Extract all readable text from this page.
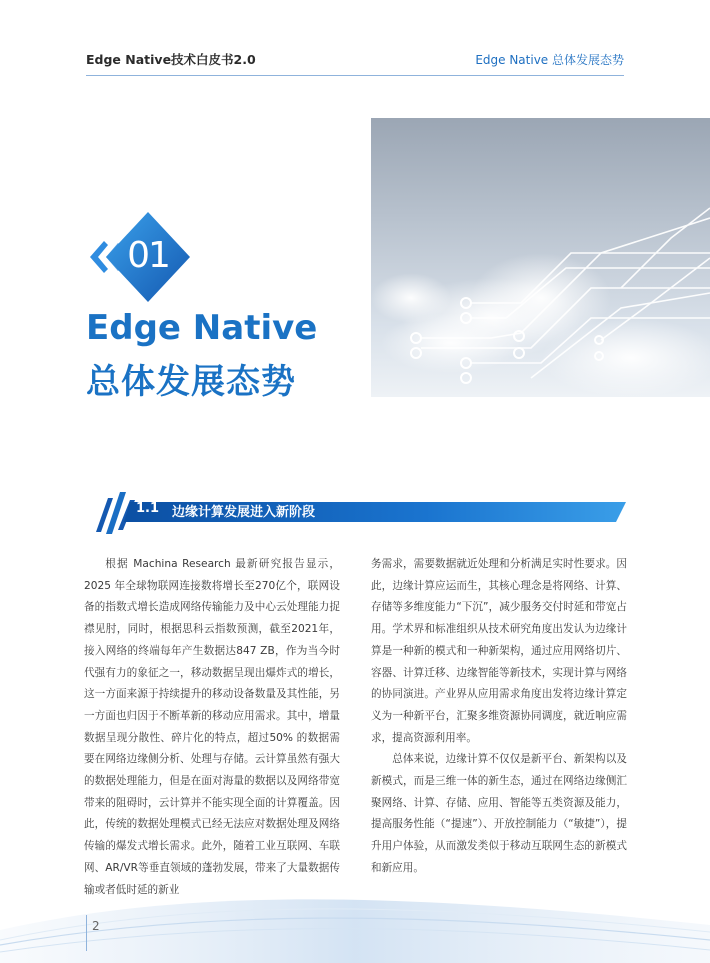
Edge Native技术白皮书2.0	Edge Native 总体发展态势
01
Edge Native
总体发展态势
1.1 边缘计算发展进入新阶段

根据 Machina Research 最新研究报告显示，2025 年全球物联网连接数将增长至270亿个，联网设备的指数式增长造成网络传输能力及中心云处理能力捉襟见肘，同时，根据思科云指数预测，截至2021年，接入网络的终端每年产生数据达847 ZB，作为当今时代强有力的象征之一，移动数据呈现出爆炸式的增长，这一方面来源于持续提升的移动设备数量及其性能，另一方面也归因于不断革新的移动应用需求。其中，增量数据呈现分散性、碎片化的特点，超过50% 的数据需要在网络边缘侧分析、处理与存储。云计算虽然有强大的数据处理能力，但是在面对海量的数据以及网络带宽带来的阻碍时，云计算并不能实现全面的计算覆盖。因此，传统的数据处理模式已经无法应对数据处理及网络传输的爆发式增长需求。此外，随着工业互联网、车联网、AR/VR等垂直领域的蓬勃发展，带来了大量数据传输或者低时延的新业

务需求，需要数据就近处理和分析满足实时性要求。因此，边缘计算应运而生，其核心理念是将网络、计算、存储等多维度能力“下沉”，减少服务交付时延和带宽占用。学术界和标准组织从技术研究角度出发认为边缘计算是一种新的模式和一种新架构，通过应用网络切片、容器、计算迁移、边缘智能等新技术，实现计算与网络的协同演进。产业界从应用需求角度出发将边缘计算定义为一种新平台，汇聚多维资源协同调度，就近响应需求，提高资源利用率。

总体来说，边缘计算不仅仅是新平台、新架构以及新模式，而是三维一体的新生态，通过在网络边缘侧汇聚网络、计算、存储、应用、智能等五类资源及能力，提高服务性能（“提速”）、开放控制能力（“敏捷”），提升用户体验，从而激发类似于移动互联网生态的新模式和新应用。

2
